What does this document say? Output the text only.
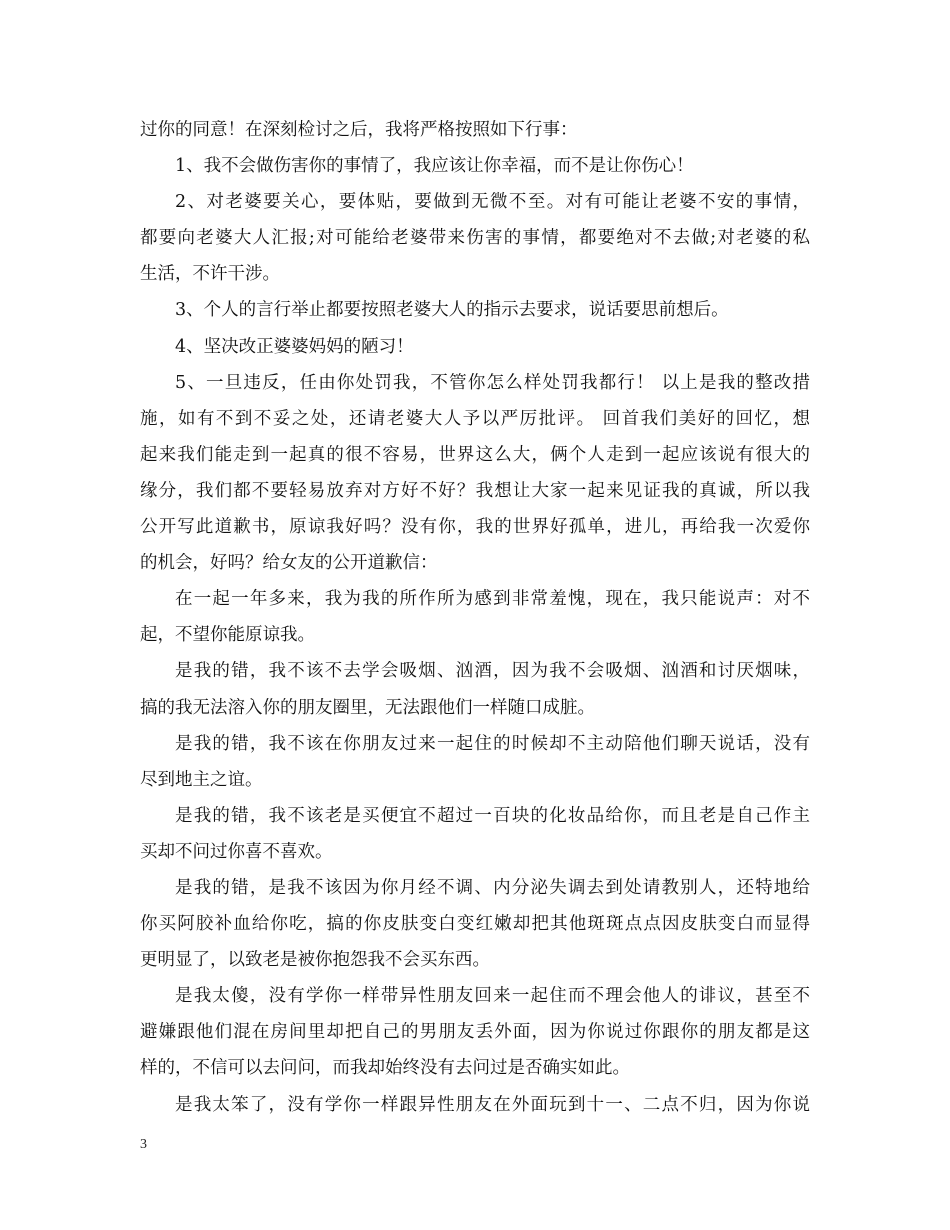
过你的同意！在深刻检讨之后，我将严格按照如下行事：
1、我不会做伤害你的事情了，我应该让你幸福，而不是让你伤心！
2、对老婆要关心，要体贴，要做到无微不至。对有可能让老婆不安的事情，
都要向老婆大人汇报;对可能给老婆带来伤害的事情，都要绝对不去做;对老婆的私
生活，不许干涉。
3、个人的言行举止都要按照老婆大人的指示去要求，说话要思前想后。
4、坚决改正婆婆妈妈的陋习！
5、一旦违反，任由你处罚我，不管你怎么样处罚我都行！ 以上是我的整改措
施，如有不到不妥之处，还请老婆大人予以严厉批评。 回首我们美好的回忆，想
起来我们能走到一起真的很不容易，世界这么大，俩个人走到一起应该说有很大的
缘分，我们都不要轻易放弃对方好不好？我想让大家一起来见证我的真诚，所以我
公开写此道歉书，原谅我好吗？没有你，我的世界好孤单，进儿，再给我一次爱你
的机会，好吗？给女友的公开道歉信：
在一起一年多来，我为我的所作所为感到非常羞愧，现在，我只能说声：对不
起，不望你能原谅我。
是我的错，我不该不去学会吸烟、汹酒，因为我不会吸烟、汹酒和讨厌烟味，
搞的我无法溶入你的朋友圈里，无法跟他们一样随口成脏。
是我的错，我不该在你朋友过来一起住的时候却不主动陪他们聊天说话，没有
尽到地主之谊。
是我的错，我不该老是买便宜不超过一百块的化妆品给你，而且老是自己作主
买却不问过你喜不喜欢。
是我的错，是我不该因为你月经不调、内分泌失调去到处请教别人，还特地给
你买阿胶补血给你吃，搞的你皮肤变白变红嫩却把其他斑斑点点因皮肤变白而显得
更明显了，以致老是被你抱怨我不会买东西。
是我太傻，没有学你一样带异性朋友回来一起住而不理会他人的诽议，甚至不
避嫌跟他们混在房间里却把自己的男朋友丢外面，因为你说过你跟你的朋友都是这
样的，不信可以去问问，而我却始终没有去问过是否确实如此。
是我太笨了，没有学你一样跟异性朋友在外面玩到十一、二点不归，因为你说
3
